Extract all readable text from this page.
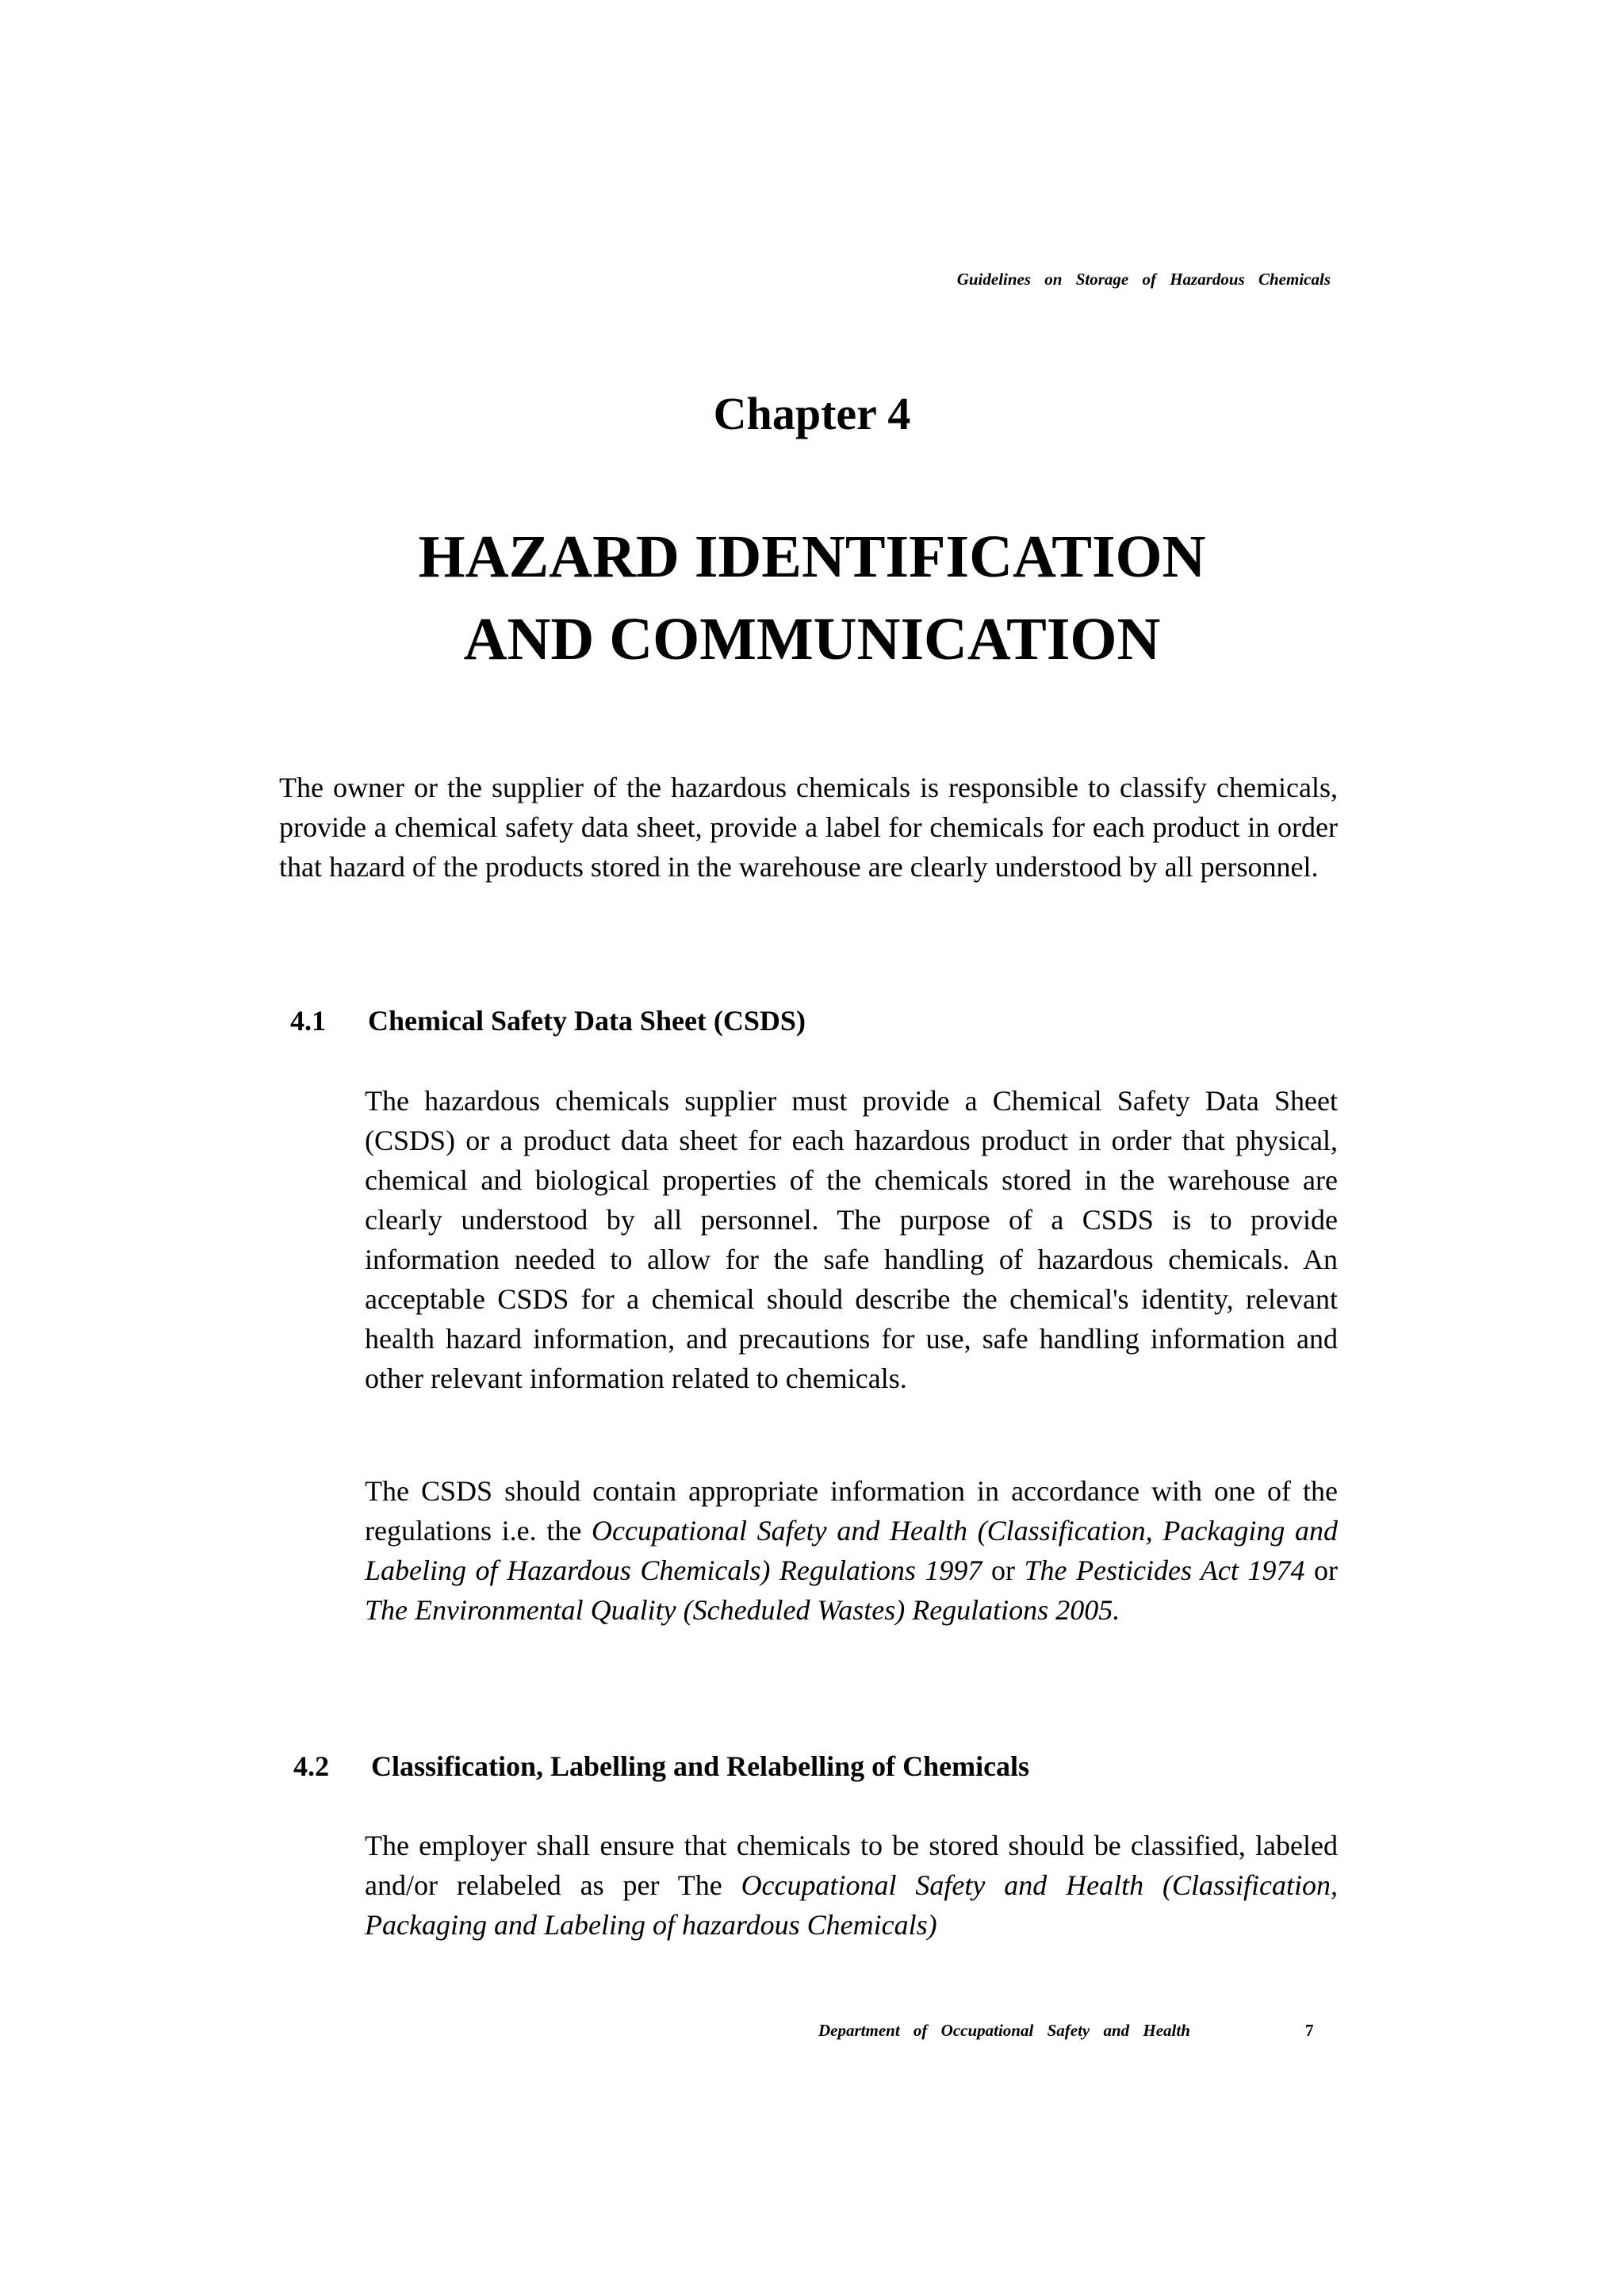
Guidelines on Storage of Hazardous Chemicals
Chapter 4
HAZARD IDENTIFICATION
AND COMMUNICATION

The owner or the supplier of the hazardous chemicals is responsible to classify chemicals, provide a chemical safety data sheet, provide a label for chemicals for each product in order that hazard of the products stored in the warehouse are clearly understood by all personnel.

4.1 Chemical Safety Data Sheet (CSDS)

The hazardous chemicals supplier must provide a Chemical Safety Data Sheet (CSDS) or a product data sheet for each hazardous product in order that physical, chemical and biological properties of the chemicals stored in the warehouse are clearly understood by all personnel. The purpose of a CSDS is to provide information needed to allow for the safe handling of hazardous chemicals. An acceptable CSDS for a chemical should describe the chemical's identity, relevant health hazard information, and precautions for use, safe handling information and other relevant information related to chemicals.

The CSDS should contain appropriate information in accordance with one of the regulations i.e. the Occupational Safety and Health (Classification, Packaging and Labeling of Hazardous Chemicals) Regulations 1997 or The Pesticides Act 1974 or The Environmental Quality (Scheduled Wastes) Regulations 2005.

4.2 Classification, Labelling and Relabelling of Chemicals

The employer shall ensure that chemicals to be stored should be classified, labeled and/or relabeled as per The Occupational Safety and Health (Classification, Packaging and Labeling of hazardous Chemicals)

Department of Occupational Safety and Health	7
